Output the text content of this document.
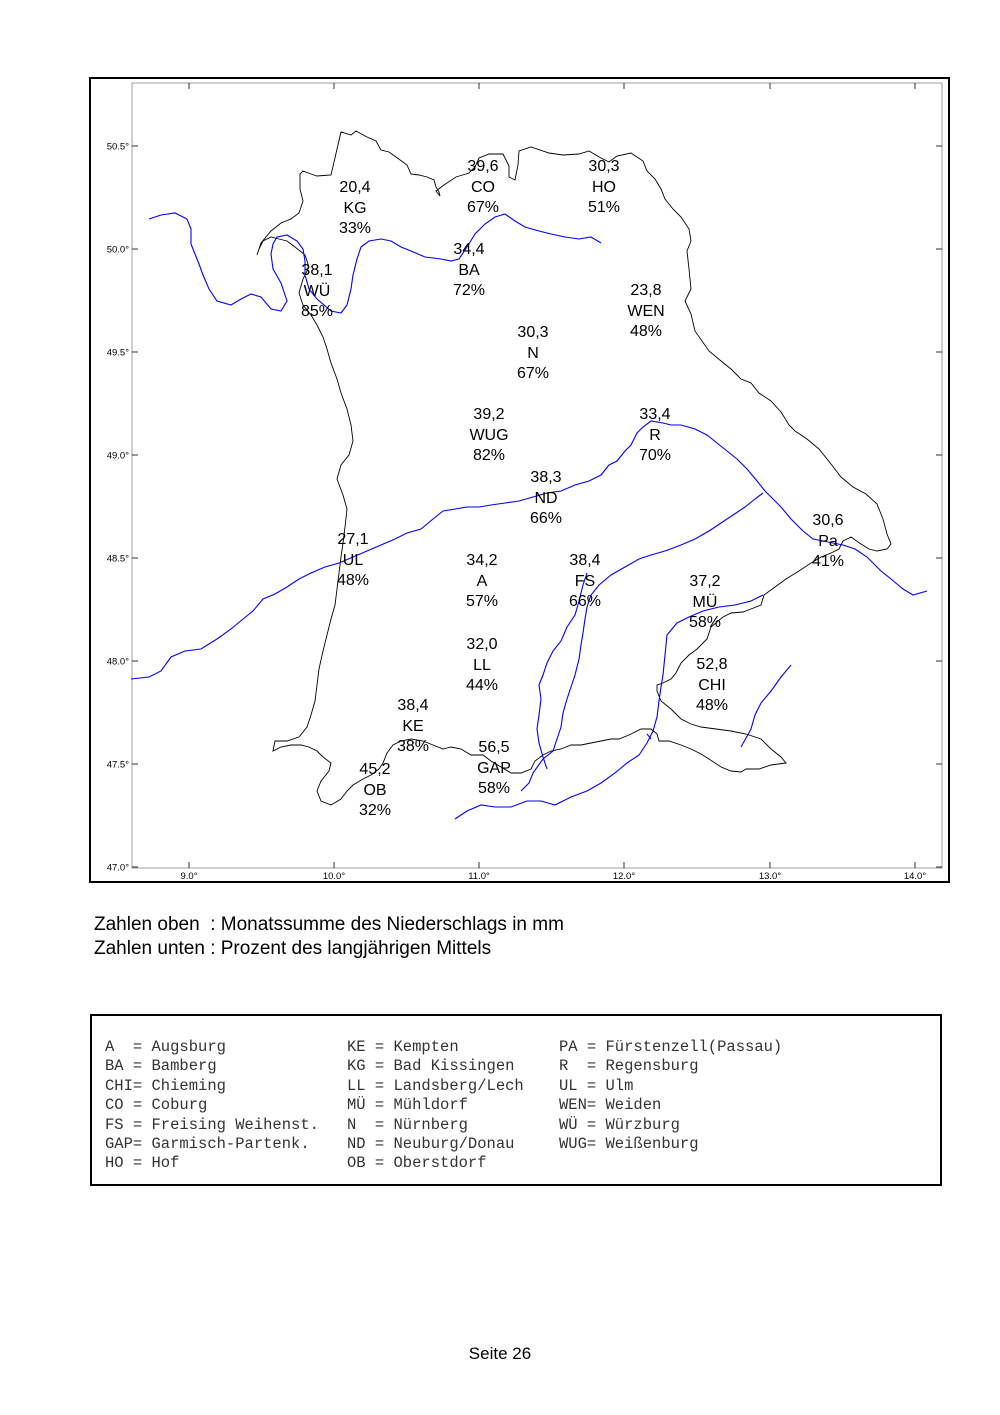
50.5°
50.0°
49.5°
49.0°
48.5°
48.0°
47.5°
47.0°
9.0°	10.0°	11.0°	12.0°	13.0°	14.0°
39,6
CO
67%
30,3
HO
51%
20,4
KG
33%
34,4
BA
72%
38,1
WÜ
85%
23,8
WEN
48%
30,3
N
67%
39,2
WUG
82%
33,4
R
70%
38,3
ND
66%	30,6
Pa
41%
27,1
UL
48%
34,2
A
57%
38,4
FS
66%
37,2
MÜ
58%
32,0
LL
44%
52,8
CHI
48%
38,4
KE
38%	56,5
GAP
58%
45,2
OB
32%
Zahlen oben  : Monatssumme des Niederschlags in mm
Zahlen unten : Prozent des langjährigen Mittels
A  = Augsburg
BA = Bamberg
CHI= Chieming
CO = Coburg
FS = Freising Weihenst.
GAP= Garmisch-Partenk.
HO = Hof
KE = Kempten
KG = Bad Kissingen
LL = Landsberg/Lech
MÜ = Mühldorf
N  = Nürnberg
ND = Neuburg/Donau
OB = Oberstdorf
PA = Fürstenzell(Passau)
R  = Regensburg
UL = Ulm
WEN= Weiden
WÜ = Würzburg
WUG= Weißenburg
Seite 26
